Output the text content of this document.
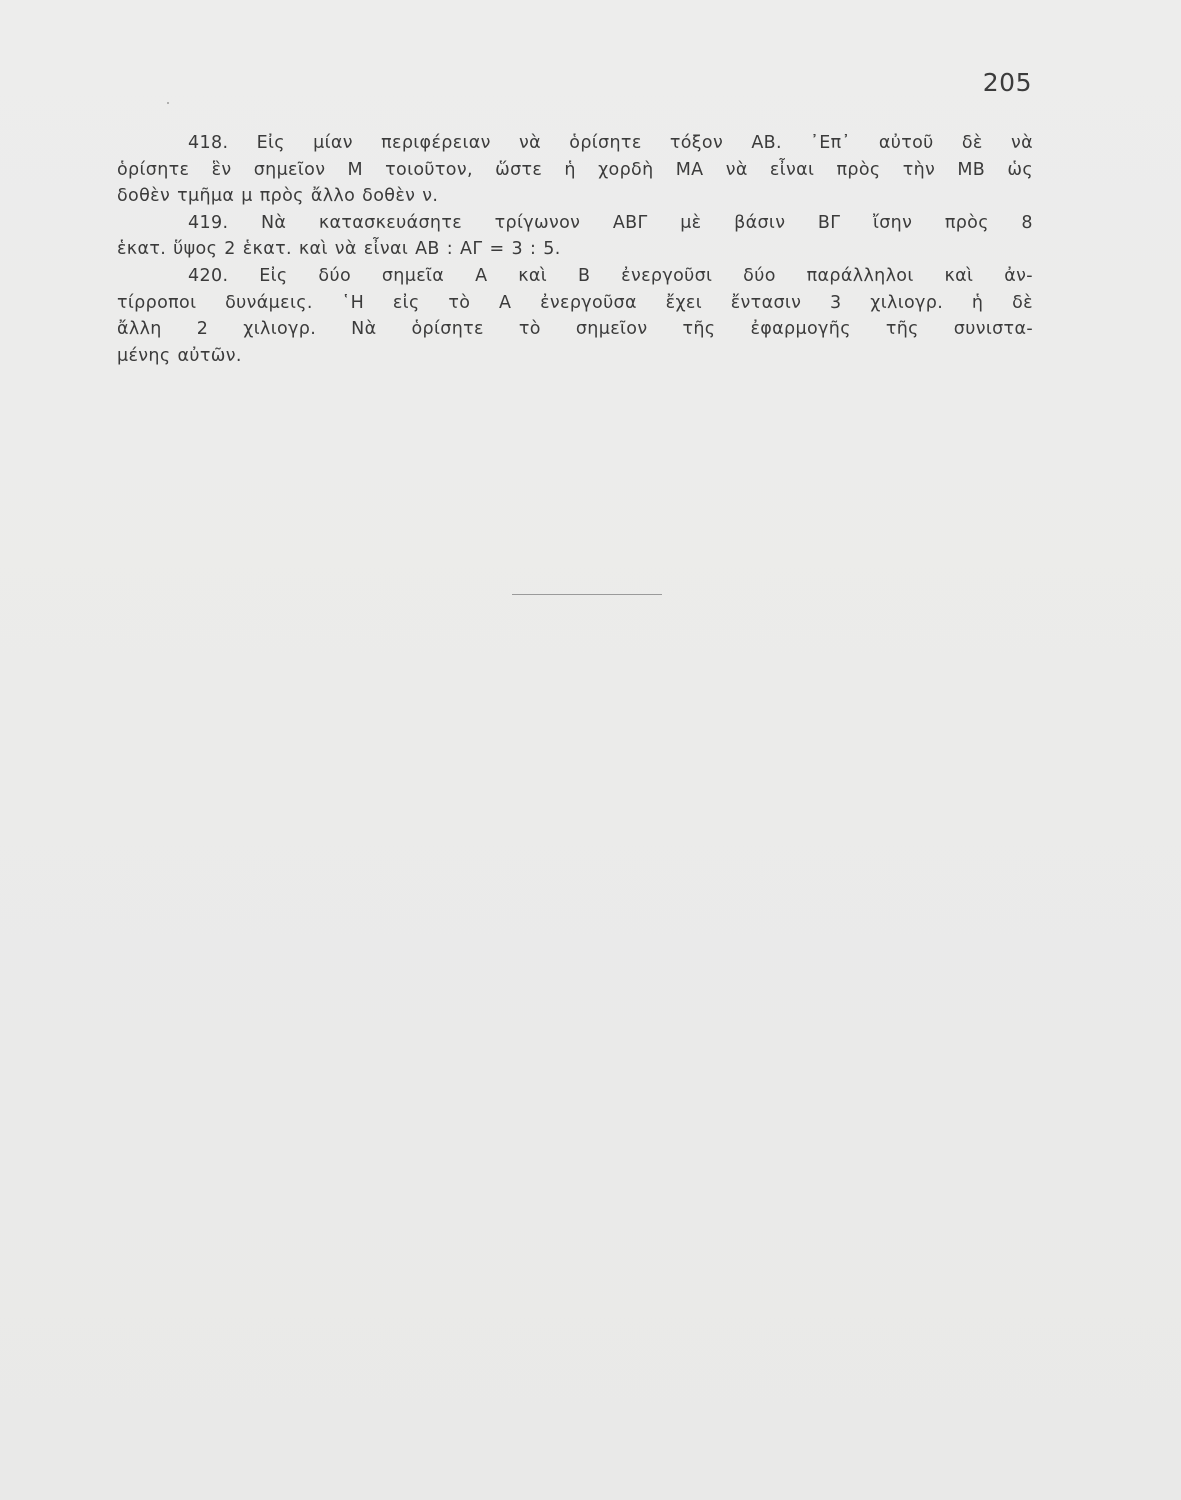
205
418. Εἰς μίαν περιφέρειαν νὰ ὁρίσητε τόξον ΑΒ. ᾿Επ᾿ αὐτοῦ δὲ νὰ
ὁρίσητε ἓν σημεῖον Μ τοιοῦτον, ὥστε ἡ χορδὴ ΜΑ νὰ εἶναι πρὸς τὴν ΜΒ ὡς
δοθὲν τμῆμα μ πρὸς ἄλλο δοθὲν ν.
419. Νὰ κατασκευάσητε τρίγωνον ΑΒΓ μὲ βάσιν ΒΓ ἴσην πρὸς 8
ἑκατ. ὕψος 2 ἑκατ. καὶ νὰ εἶναι ΑΒ : ΑΓ = 3 : 5.
420. Εἰς δύο σημεῖα Α καὶ Β ἐνεργοῦσι δύο παράλληλοι καὶ ἀν-
τίρροποι δυνάμεις. ῾Η εἰς τὸ Α ἐνεργοῦσα ἔχει ἔντασιν 3 χιλιογρ. ἡ δὲ
ἄλλη 2 χιλιογρ. Νὰ ὁρίσητε τὸ σημεῖον τῆς ἐφαρμογῆς τῆς συνιστα-
μένης αὐτῶν.
